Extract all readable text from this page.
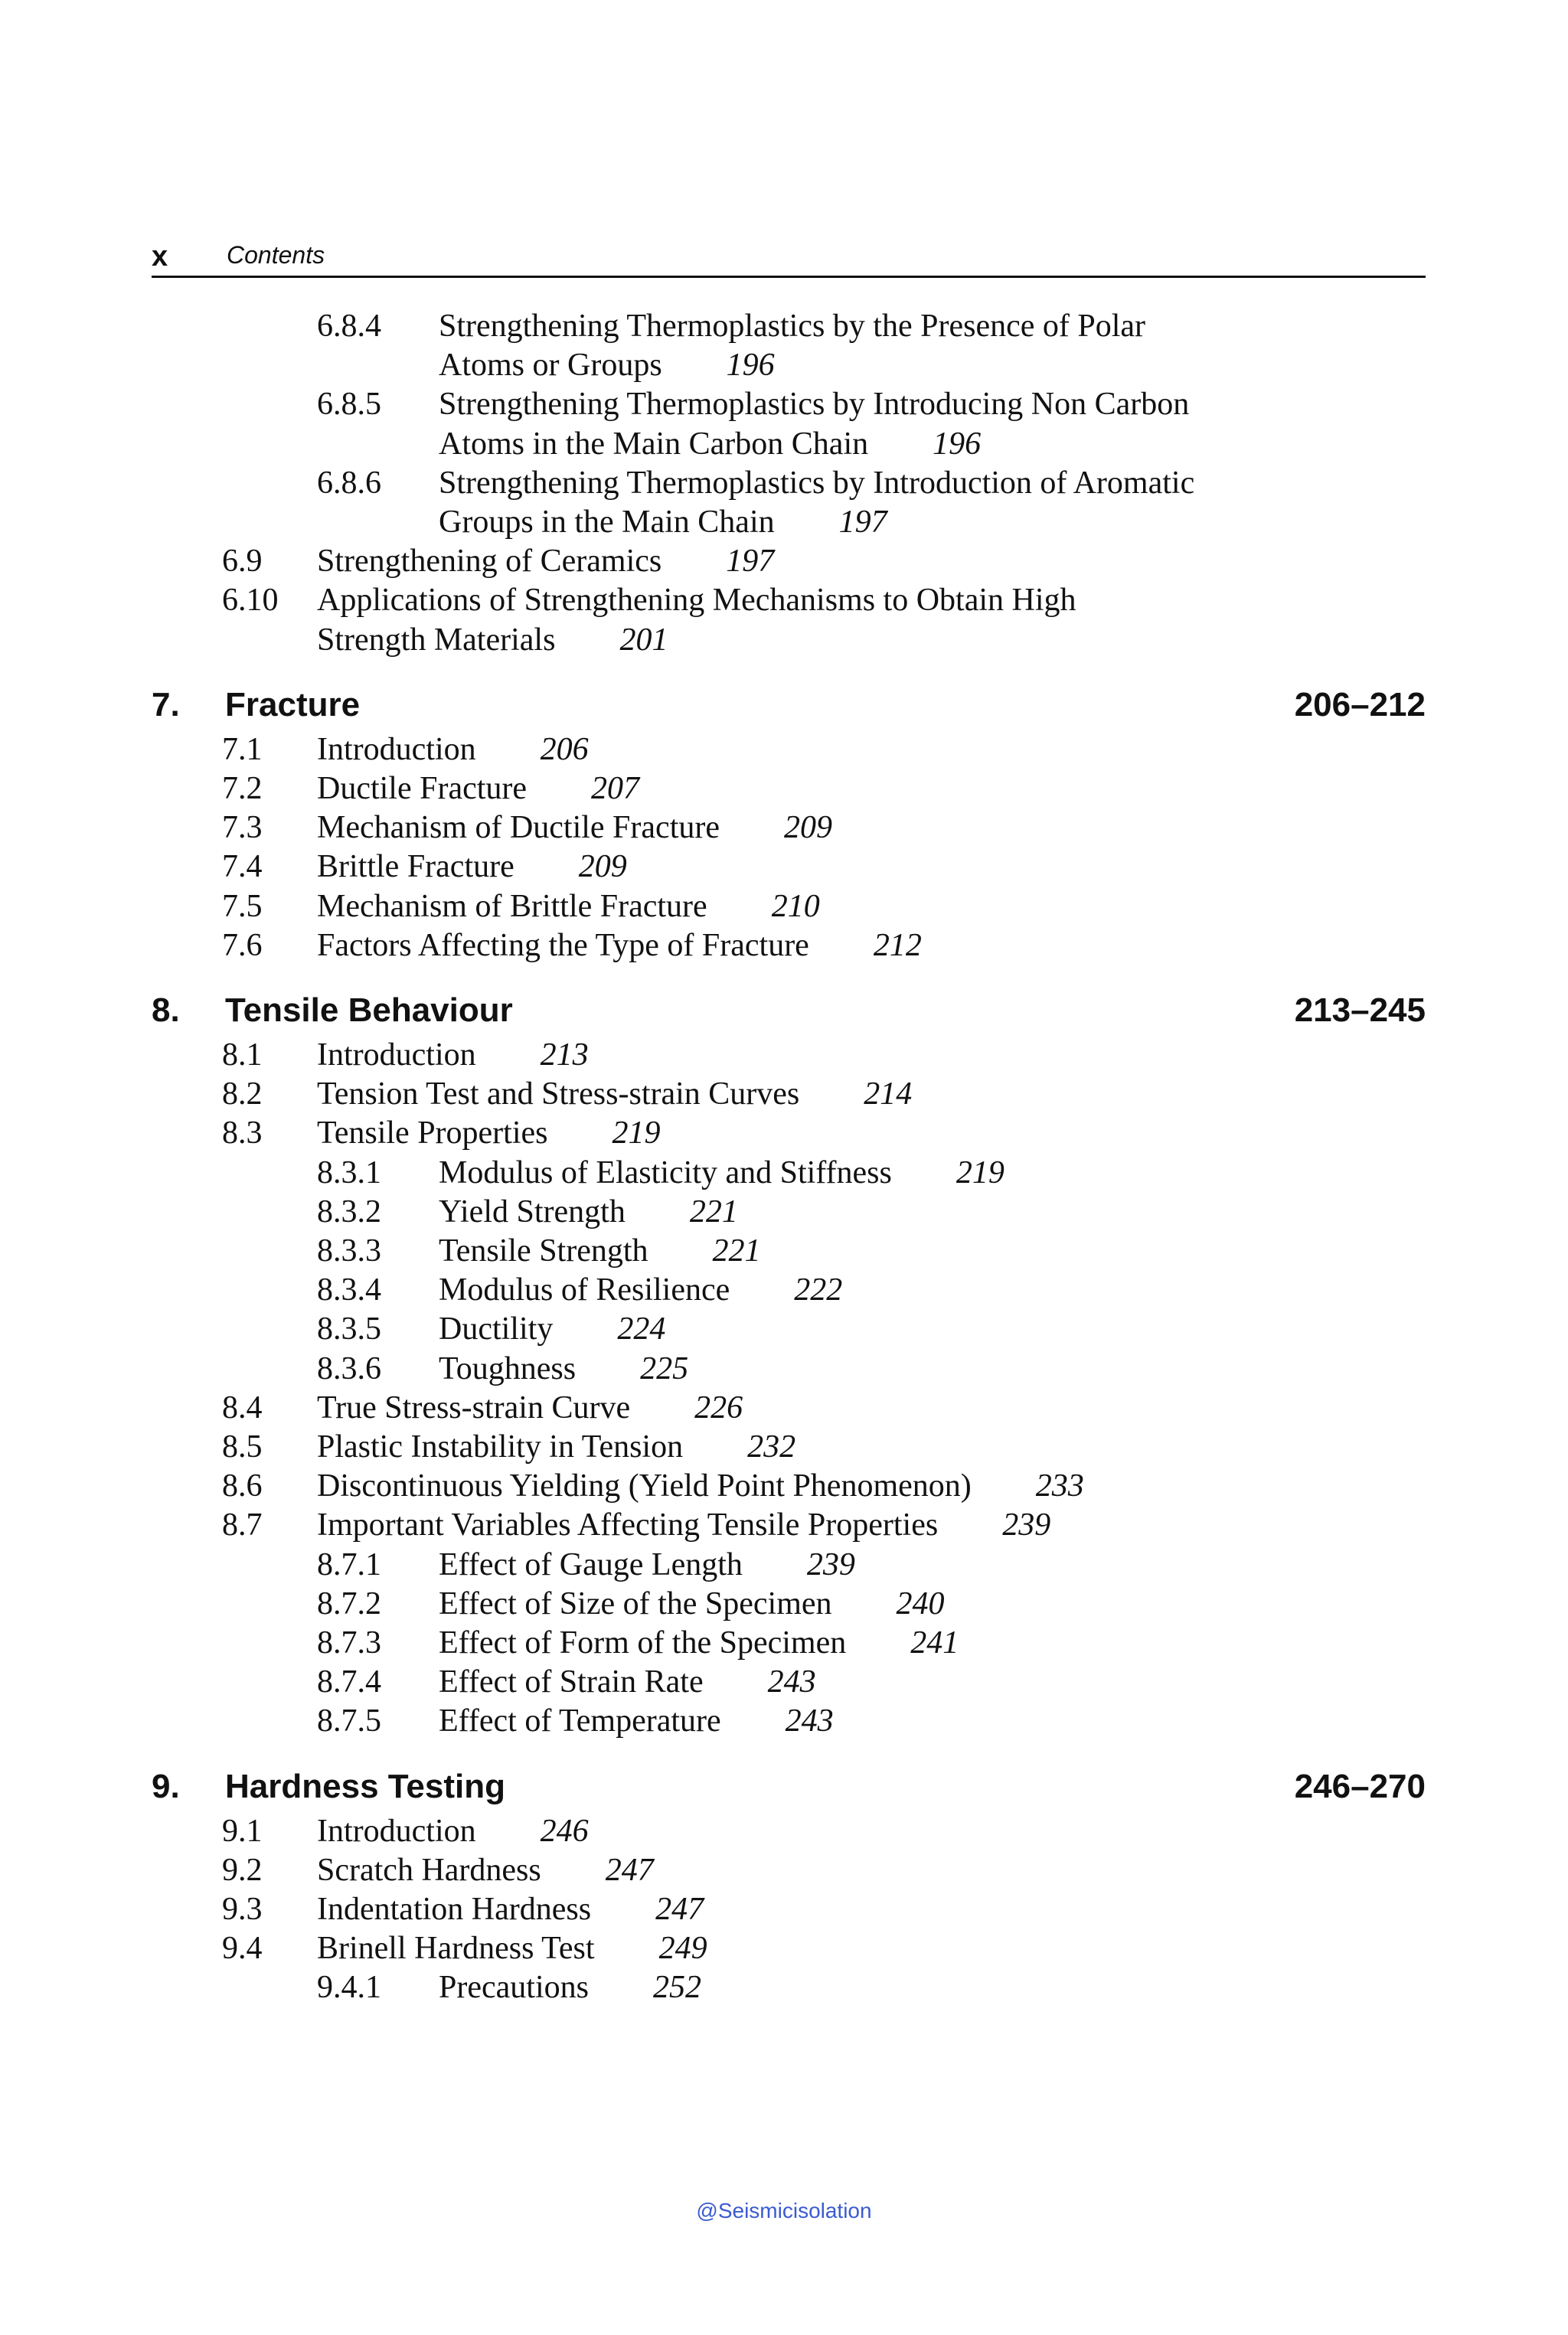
x Contents
6.8.4 Strengthening Thermoplastics by the Presence of Polar
Atoms or Groups   196
6.8.5 Strengthening Thermoplastics by Introducing Non Carbon
Atoms in the Main Carbon Chain   196
6.8.6 Strengthening Thermoplastics by Introduction of Aromatic
Groups in the Main Chain   197
6.9 Strengthening of Ceramics   197
6.10 Applications of Strengthening Mechanisms to Obtain High
Strength Materials   201
7. Fracture	206–212
7.1 Introduction   206
7.2 Ductile Fracture   207
7.3 Mechanism of Ductile Fracture   209
7.4 Brittle Fracture   209
7.5 Mechanism of Brittle Fracture   210
7.6 Factors Affecting the Type of Fracture   212
8. Tensile Behaviour	213–245
8.1 Introduction   213
8.2 Tension Test and Stress-strain Curves   214
8.3 Tensile Properties   219
8.3.1 Modulus of Elasticity and Stiffness   219
8.3.2 Yield Strength   221
8.3.3 Tensile Strength   221
8.3.4 Modulus of Resilience   222
8.3.5 Ductility   224
8.3.6 Toughness   225
8.4 True Stress-strain Curve   226
8.5 Plastic Instability in Tension   232
8.6 Discontinuous Yielding (Yield Point Phenomenon)   233
8.7 Important Variables Affecting Tensile Properties   239
8.7.1 Effect of Gauge Length   239
8.7.2 Effect of Size of the Specimen   240
8.7.3 Effect of Form of the Specimen   241
8.7.4 Effect of Strain Rate   243
8.7.5 Effect of Temperature   243
9. Hardness Testing	246–270
9.1 Introduction   246
9.2 Scratch Hardness   247
9.3 Indentation Hardness   247
9.4 Brinell Hardness Test   249
9.4.1 Precautions   252
@Seismicisolation
